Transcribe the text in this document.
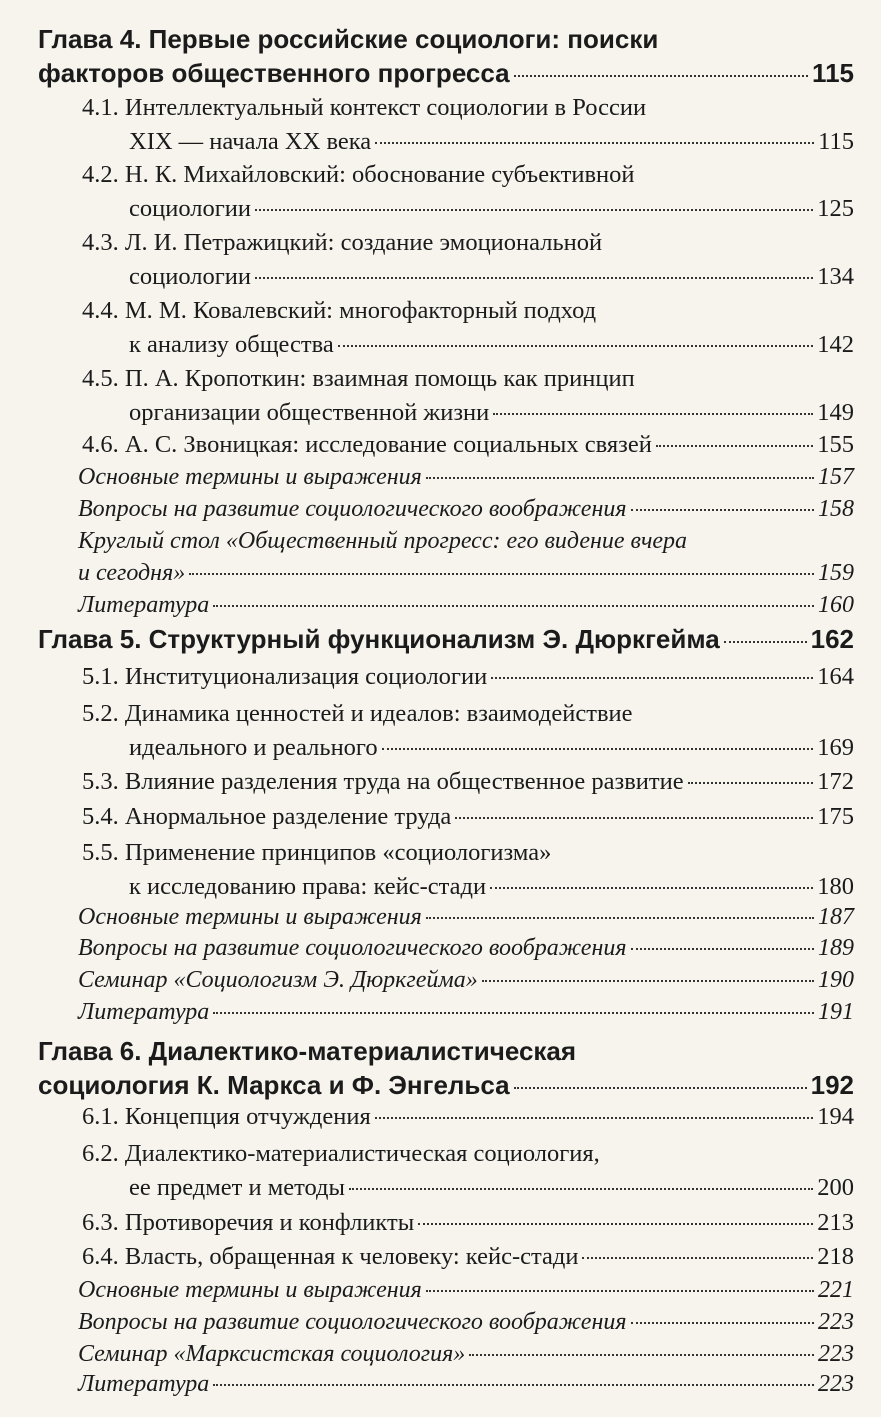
Глава 4. Первые российские социологи: поиски
факторов общественного прогресса	115
4.1. Интеллектуальный контекст социологии в России
XIX — начала XX века	115
4.2. Н. К. Михайловский: обоснование субъективной
социологии	125
4.3. Л. И. Петражицкий: создание эмоциональной
социологии	134
4.4. М. М. Ковалевский: многофакторный подход
к анализу общества	142
4.5. П. А. Кропоткин: взаимная помощь как принцип
организации общественной жизни	149
4.6. А. С. Звоницкая: исследование социальных связей	155
Основные термины и выражения	157
Вопросы на развитие социологического воображения	158
Круглый стол «Общественный прогресс: его видение вчера
и сегодня»	159
Литература	160
Глава 5. Структурный функционализм Э. Дюркгейма	162
5.1. Институционализация социологии	164
5.2. Динамика ценностей и идеалов: взаимодействие
идеального и реального	169
5.3. Влияние разделения труда на общественное развитие	172
5.4. Анормальное разделение труда	175
5.5. Применение принципов «социологизма»
к исследованию права: кейс-стади	180
Основные термины и выражения	187
Вопросы на развитие социологического воображения	189
Семинар «Социологизм Э. Дюркгейма»	190
Литература	191
Глава 6. Диалектико-материалистическая
социология К. Маркса и Ф. Энгельса	192
6.1. Концепция отчуждения	194
6.2. Диалектико-материалистическая социология,
ее предмет и методы	200
6.3. Противоречия и конфликты	213
6.4. Власть, обращенная к человеку: кейс-стади	218
Основные термины и выражения	221
Вопросы на развитие социологического воображения	223
Семинар «Марксистская социология»	223
Литература	223
